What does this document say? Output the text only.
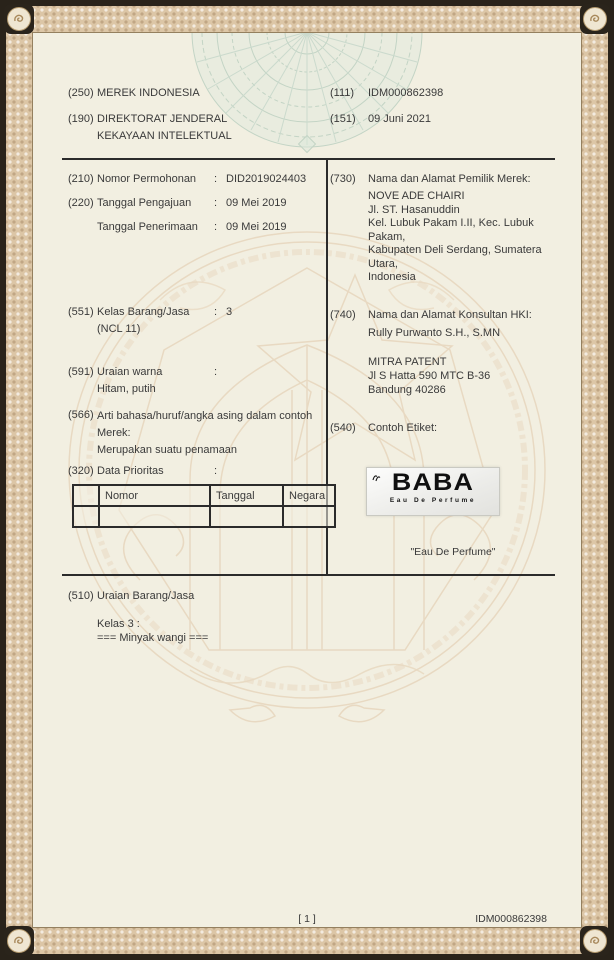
(250) MEREK INDONESIA	(111)	IDM000862398
(190) DIREKTORAT JENDERAL
KEKAYAAN INTELEKTUAL
(151)	09 Juni 2021
(210) Nomor Permohonan	: DID2019024403
(220) Tanggal Pengajuan	: 09 Mei 2019
Tanggal Penerimaan	: 09 Mei 2019
(551) Kelas Barang/Jasa	: 3
(NCL 11)
(591) Uraian warna	:
Hitam, putih
(566) Arti bahasa/huruf/angka asing dalam contoh
Merek:
Merupakan suatu penamaan
(320) Data Prioritas	:
	Nomor	Tanggal	Negara

(730)	Nama dan Alamat Pemilik Merek:
NOVE ADE CHAIRI
Jl. ST. Hasanuddin
Kel. Lubuk Pakam I.II, Kec. Lubuk
Pakam,
Kabupaten Deli Serdang, Sumatera
Utara,
Indonesia
(740)	Nama dan Alamat Konsultan HKI:
Rully Purwanto S.H., S.MN
MITRA PATENT
Jl S Hatta 590 MTC B-36
Bandung 40286
(540)	Contoh Etiket:
BABA
Eau De Perfume
"Eau De Perfume"
(510) Uraian Barang/Jasa
Kelas 3 :
=== Minyak wangi ===
[ 1 ]	IDM000862398
